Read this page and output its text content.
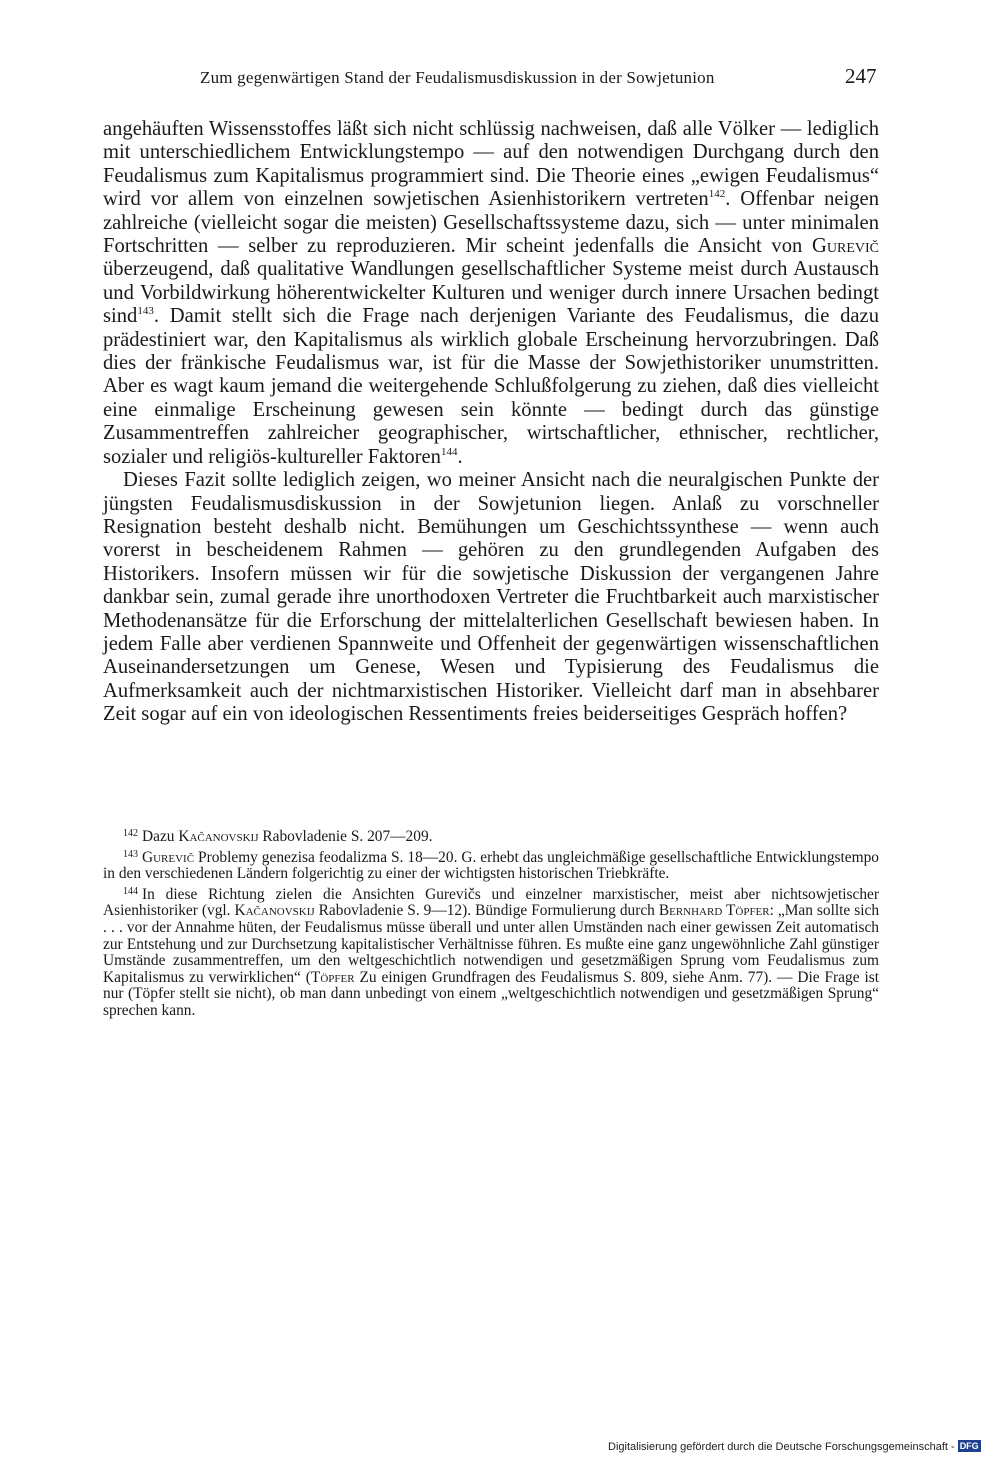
Zum gegenwärtigen Stand der Feudalismusdiskussion in der Sowjetunion	247

angehäuften Wissensstoffes läßt sich nicht schlüssig nachweisen, daß alle Völker — lediglich mit unterschiedlichem Entwicklungstempo — auf den notwendigen Durchgang durch den Feudalismus zum Kapitalismus programmiert sind. Die Theorie eines „ewigen Feudalismus“ wird vor allem von einzelnen sowjetischen Asienhistorikern vertreten$^{142}$. Offenbar neigen zahlreiche (vielleicht sogar die meisten) Gesellschaftssysteme dazu, sich — unter minimalen Fortschritten — selber zu reproduzieren. Mir scheint jedenfalls die Ansicht von Gurevič überzeugend, daß qualitative Wandlungen gesellschaftlicher Systeme meist durch Austausch und Vorbildwirkung höherentwickelter Kulturen und weniger durch innere Ursachen bedingt sind$^{143}$. Damit stellt sich die Frage nach derjenigen Variante des Feudalismus, die dazu prädestiniert war, den Kapitalismus als wirklich globale Erscheinung hervorzubringen. Daß dies der fränkische Feudalismus war, ist für die Masse der Sowjethistoriker unumstritten. Aber es wagt kaum jemand die weitergehende Schlußfolgerung zu ziehen, daß dies vielleicht eine einmalige Erscheinung gewesen sein könnte — bedingt durch das günstige Zusammentreffen zahlreicher geographischer, wirtschaftlicher, ethnischer, rechtlicher, sozialer und religiös-kultureller Faktoren$^{144}$.

Dieses Fazit sollte lediglich zeigen, wo meiner Ansicht nach die neuralgischen Punkte der jüngsten Feudalismusdiskussion in der Sowjetunion liegen. Anlaß zu vorschneller Resignation besteht deshalb nicht. Bemühungen um Geschichtssynthese — wenn auch vorerst in bescheidenem Rahmen — gehören zu den grundlegenden Aufgaben des Historikers. Insofern müssen wir für die sowjetische Diskussion der vergangenen Jahre dankbar sein, zumal gerade ihre unorthodoxen Vertreter die Fruchtbarkeit auch marxistischer Methodenansätze für die Erforschung der mittelalterlichen Gesellschaft bewiesen haben. In jedem Falle aber verdienen Spannweite und Offenheit der gegenwärtigen wissenschaftlichen Auseinandersetzungen um Genese, Wesen und Typisierung des Feudalismus die Aufmerksamkeit auch der nichtmarxistischen Historiker. Vielleicht darf man in absehbarer Zeit sogar auf ein von ideologischen Ressentiments freies beiderseitiges Gespräch hoffen?

$^{142}$ Dazu Kačanovskij Rabovladenie S. 207—209.

$^{143}$ Gurevič Problemy genezisa feodalizma S. 18—20. G. erhebt das ungleichmäßige gesellschaftliche Entwicklungstempo in den verschiedenen Ländern folgerichtig zu einer der wichtigsten historischen Triebkräfte.

$^{144}$ In diese Richtung zielen die Ansichten Gurevičs und einzelner marxistischer, meist aber nichtsowjetischer Asienhistoriker (vgl. Kačanovskij Rabovladenie S. 9—12). Bündige Formulierung durch Bernhard Töpfer: „Man sollte sich . . . vor der Annahme hüten, der Feudalismus müsse überall und unter allen Umständen nach einer gewissen Zeit automatisch zur Entstehung und zur Durchsetzung kapitalistischer Verhältnisse führen. Es mußte eine ganz ungewöhnliche Zahl günstiger Umstände zusammentreffen, um den weltgeschichtlich notwendigen und gesetzmäßigen Sprung vom Feudalismus zum Kapitalismus zu verwirklichen“ (Töpfer Zu einigen Grundfragen des Feudalismus S. 809, siehe Anm. 77). — Die Frage ist nur (Töpfer stellt sie nicht), ob man dann unbedingt von einem „weltgeschichtlich notwendigen und gesetzmäßigen Sprung“ sprechen kann.

Digitalisierung gefördert durch die Deutsche Forschungsgemeinschaft - DFG
